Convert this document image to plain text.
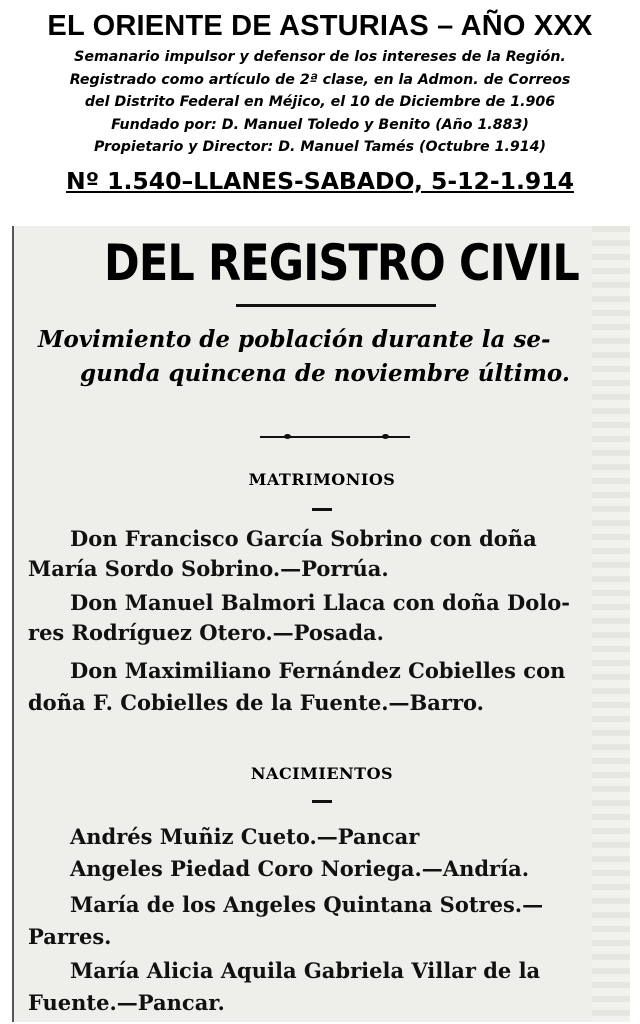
EL ORIENTE DE ASTURIAS – AÑO XXX

Semanario impulsor y defensor de los intereses de la Región.

Registrado como artículo de 2ª clase, en la Admon. de Correos

del Distrito Federal en Méjico, el 10 de Diciembre de 1.906

Fundado por: D. Manuel Toledo y Benito (Año 1.883)

Propietario y Director: D. Manuel Tamés (Octubre 1.914)

Nº 1.540–LLANES-SABADO, 5-12-1.914

DEL REGISTRO CIVIL
Movimiento de población durante la se-
gunda quincena de noviembre último.
MATRIMONIOS
Don Francisco García Sobrino con doña
María Sordo Sobrino.—Porrúa.
Don Manuel Balmori Llaca con doña Dolo-
res Rodríguez Otero.—Posada.
Don Maximiliano Fernández Cobielles con
doña F. Cobielles de la Fuente.—Barro.
NACIMIENTOS
Andrés Muñiz Cueto.—Pancar
Angeles Piedad Coro Noriega.—Andría.
María de los Angeles Quintana Sotres.—
Parres.
María Alicia Aquila Gabriela Villar de la
Fuente.—Pancar.
